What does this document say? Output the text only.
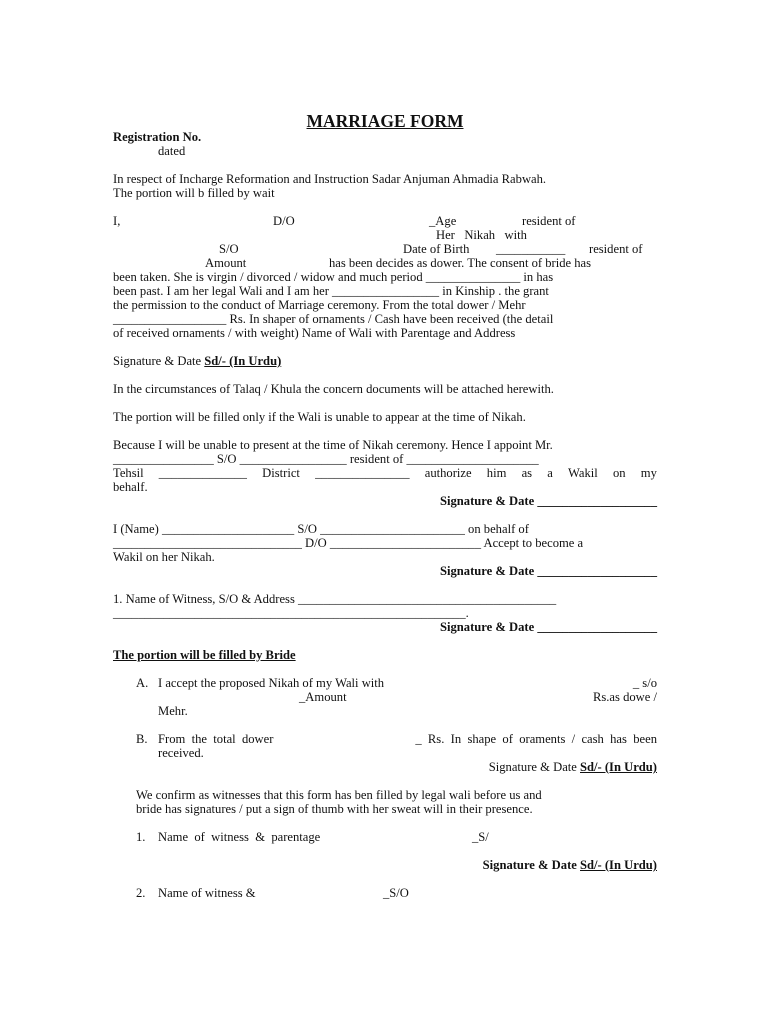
MARRIAGE FORM
Registration No.
dated
In respect of Incharge Reformation and Instruction Sadar Anjuman Ahmadia Rabwah.
The portion will b filled by wait
I,	D/O	_Age	resident of
Her   Nikah   with
S/O	Date of Birth ___________ resident of
Amount	has been decides as dower. The consent of bride has
been taken. She is virgin / divorced / widow and much period _______________ in has
been past. I am her legal Wali and I am her _________________ in Kinship . the grant
the permission to the conduct of Marriage ceremony. From the total dower / Mehr
__________________ Rs. In shaper of ornaments / Cash have been received (the detail
of received ornaments / with weight) Name of Wali with Parentage and Address
Signature & Date Sd/- (In Urdu)
In the circumstances of Talaq / Khula the concern documents will be attached herewith.
The portion will be filled only if the Wali is unable to appear at the time of Nikah.
Because I will be unable to present at the time of Nikah ceremony. Hence I appoint Mr.
________________ S/O _________________ resident of _____________________
Tehsil ______________ District _______________ authorize him as a Wakil on my
behalf.
Signature & Date ___________________
I (Name) _____________________ S/O _______________________ on behalf of
______________________________ D/O ________________________ Accept to become a
Wakil on her Nikah.
Signature & Date ___________________
1. Name of Witness, S/O & Address _________________________________________
________________________________________________________.
Signature & Date ___________________
The portion will be filled by Bride
A. I accept the proposed Nikah of my Wali with	_ s/o
_Amount	Rs.as dowe /
Mehr.
B. From  the  total  dower	_  Rs.  In  shape  of  oraments  /  cash  has  been
received.
Signature & Date Sd/- (In Urdu)
We confirm as witnesses that this form has ben filled by legal wali before us and
bride has signatures / put a sign of thumb with her sweat will in their presence.
1. Name  of  witness  &  parentage	_S/
Signature & Date Sd/- (In Urdu)
2. Name of witness &	_S/O
